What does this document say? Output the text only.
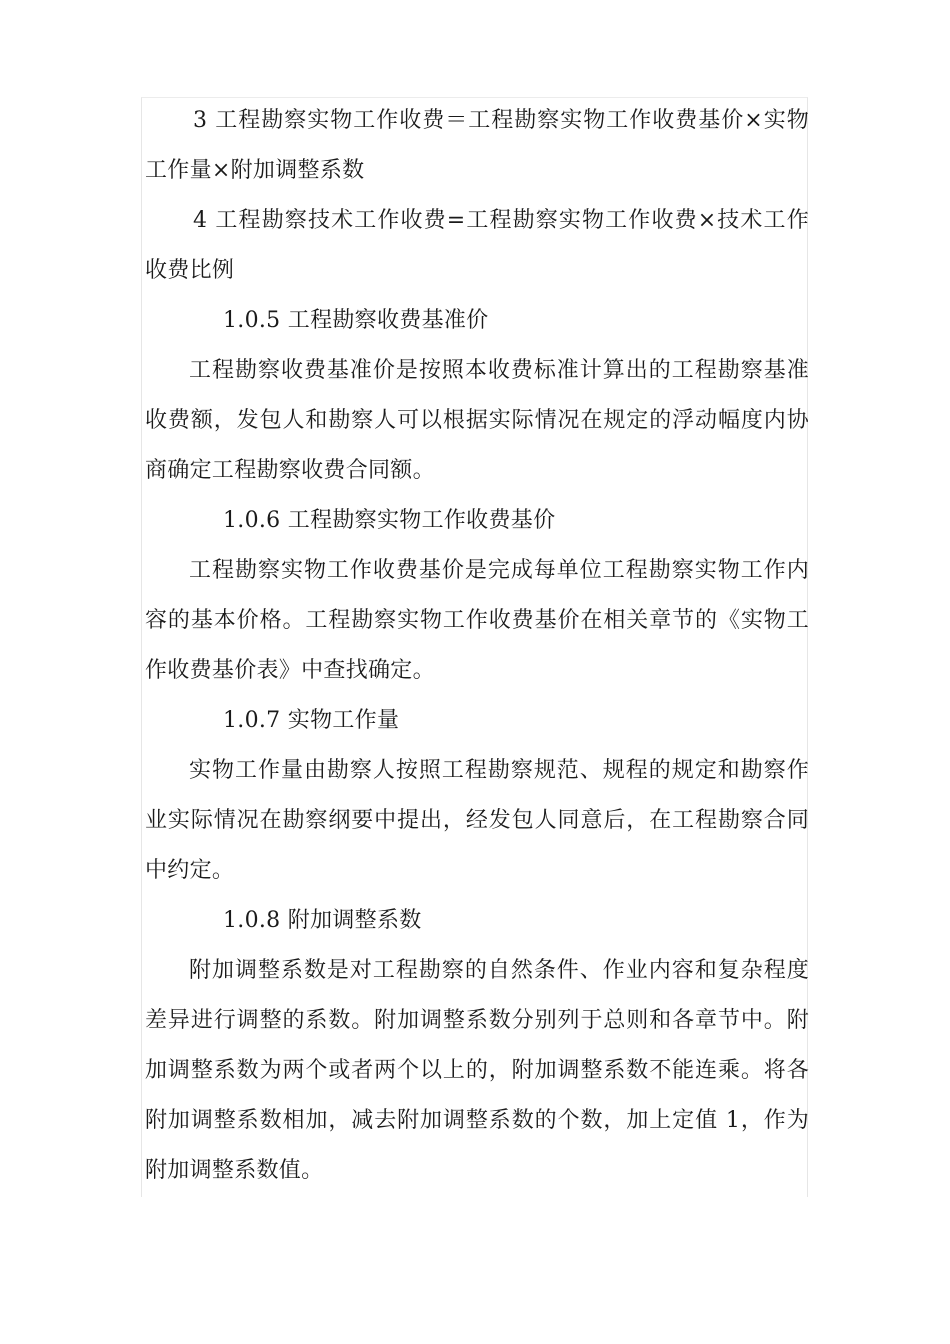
3 工程勘察实物工作收费＝工程勘察实物工作收费基价×实物工作量×附加调整系数

4 工程勘察技术工作收费=工程勘察实物工作收费×技术工作收费比例

1.0.5 工程勘察收费基准价

工程勘察收费基准价是按照本收费标准计算出的工程勘察基准收费额，发包人和勘察人可以根据实际情况在规定的浮动幅度内协商确定工程勘察收费合同额。

1.0.6 工程勘察实物工作收费基价

工程勘察实物工作收费基价是完成每单位工程勘察实物工作内容的基本价格。工程勘察实物工作收费基价在相关章节的《实物工作收费基价表》中查找确定。

1.0.7 实物工作量

实物工作量由勘察人按照工程勘察规范、规程的规定和勘察作业实际情况在勘察纲要中提出，经发包人同意后，在工程勘察合同中约定。

1.0.8 附加调整系数

附加调整系数是对工程勘察的自然条件、作业内容和复杂程度差异进行调整的系数。附加调整系数分别列于总则和各章节中。附加调整系数为两个或者两个以上的，附加调整系数不能连乘。将各附加调整系数相加，减去附加调整系数的个数，加上定值 1，作为附加调整系数值。
